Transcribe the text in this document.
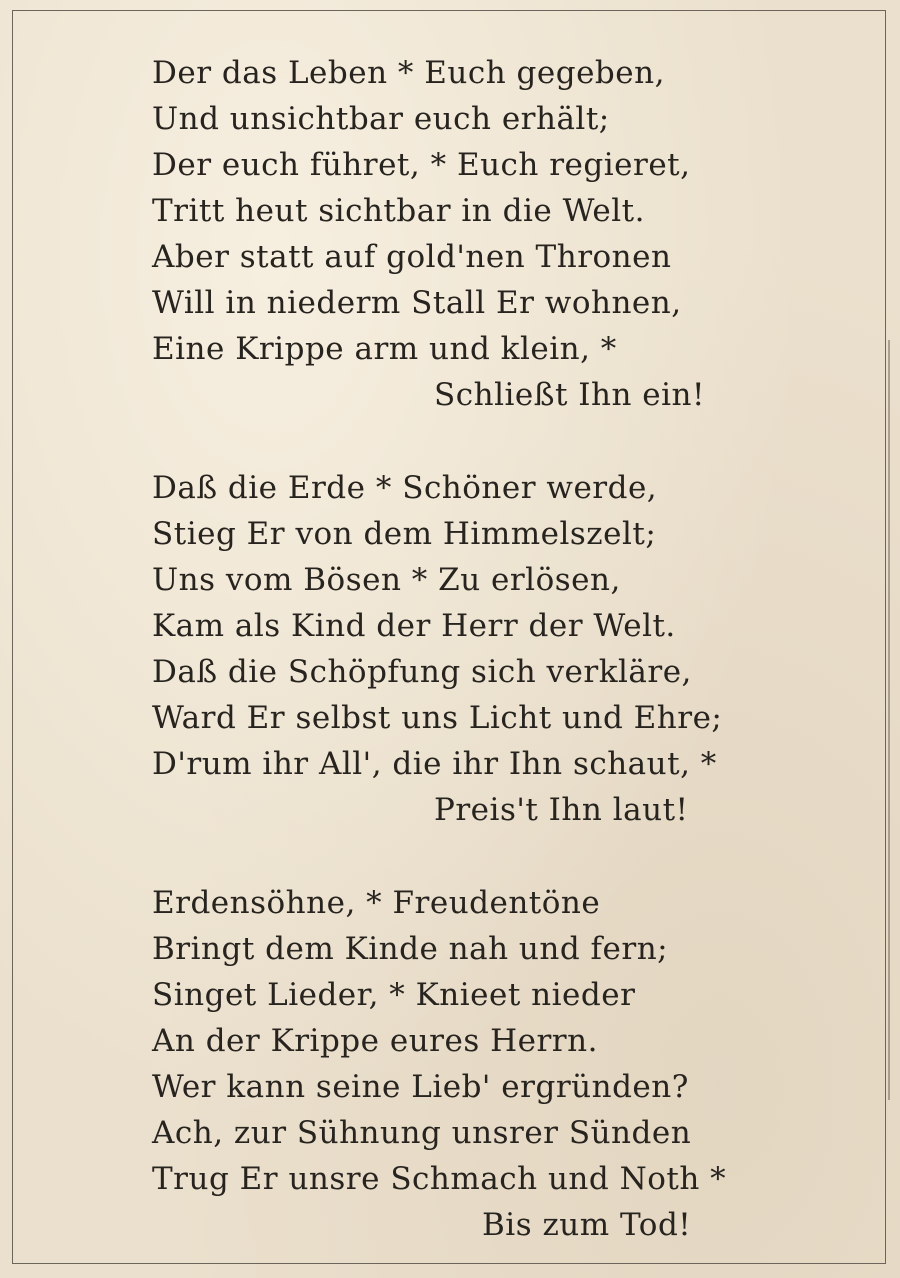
Der das Leben * Euch gegeben,
Und unsichtbar euch erhält;
Der euch führet, * Euch regieret,
Tritt heut sichtbar in die Welt.
Aber statt auf gold'nen Thronen
Will in niederm Stall Er wohnen,
Eine Krippe arm und klein, *
Schließt Ihn ein!
Daß die Erde * Schöner werde,
Stieg Er von dem Himmelszelt;
Uns vom Bösen * Zu erlösen,
Kam als Kind der Herr der Welt.
Daß die Schöpfung sich verkläre,
Ward Er selbst uns Licht und Ehre;
D'rum ihr All', die ihr Ihn schaut, *
Preis't Ihn laut!
Erdensöhne, * Freudentöne
Bringt dem Kinde nah und fern;
Singet Lieder, * Knieet nieder
An der Krippe eures Herrn.
Wer kann seine Lieb' ergründen?
Ach, zur Sühnung unsrer Sünden
Trug Er unsre Schmach und Noth *
Bis zum Tod!
